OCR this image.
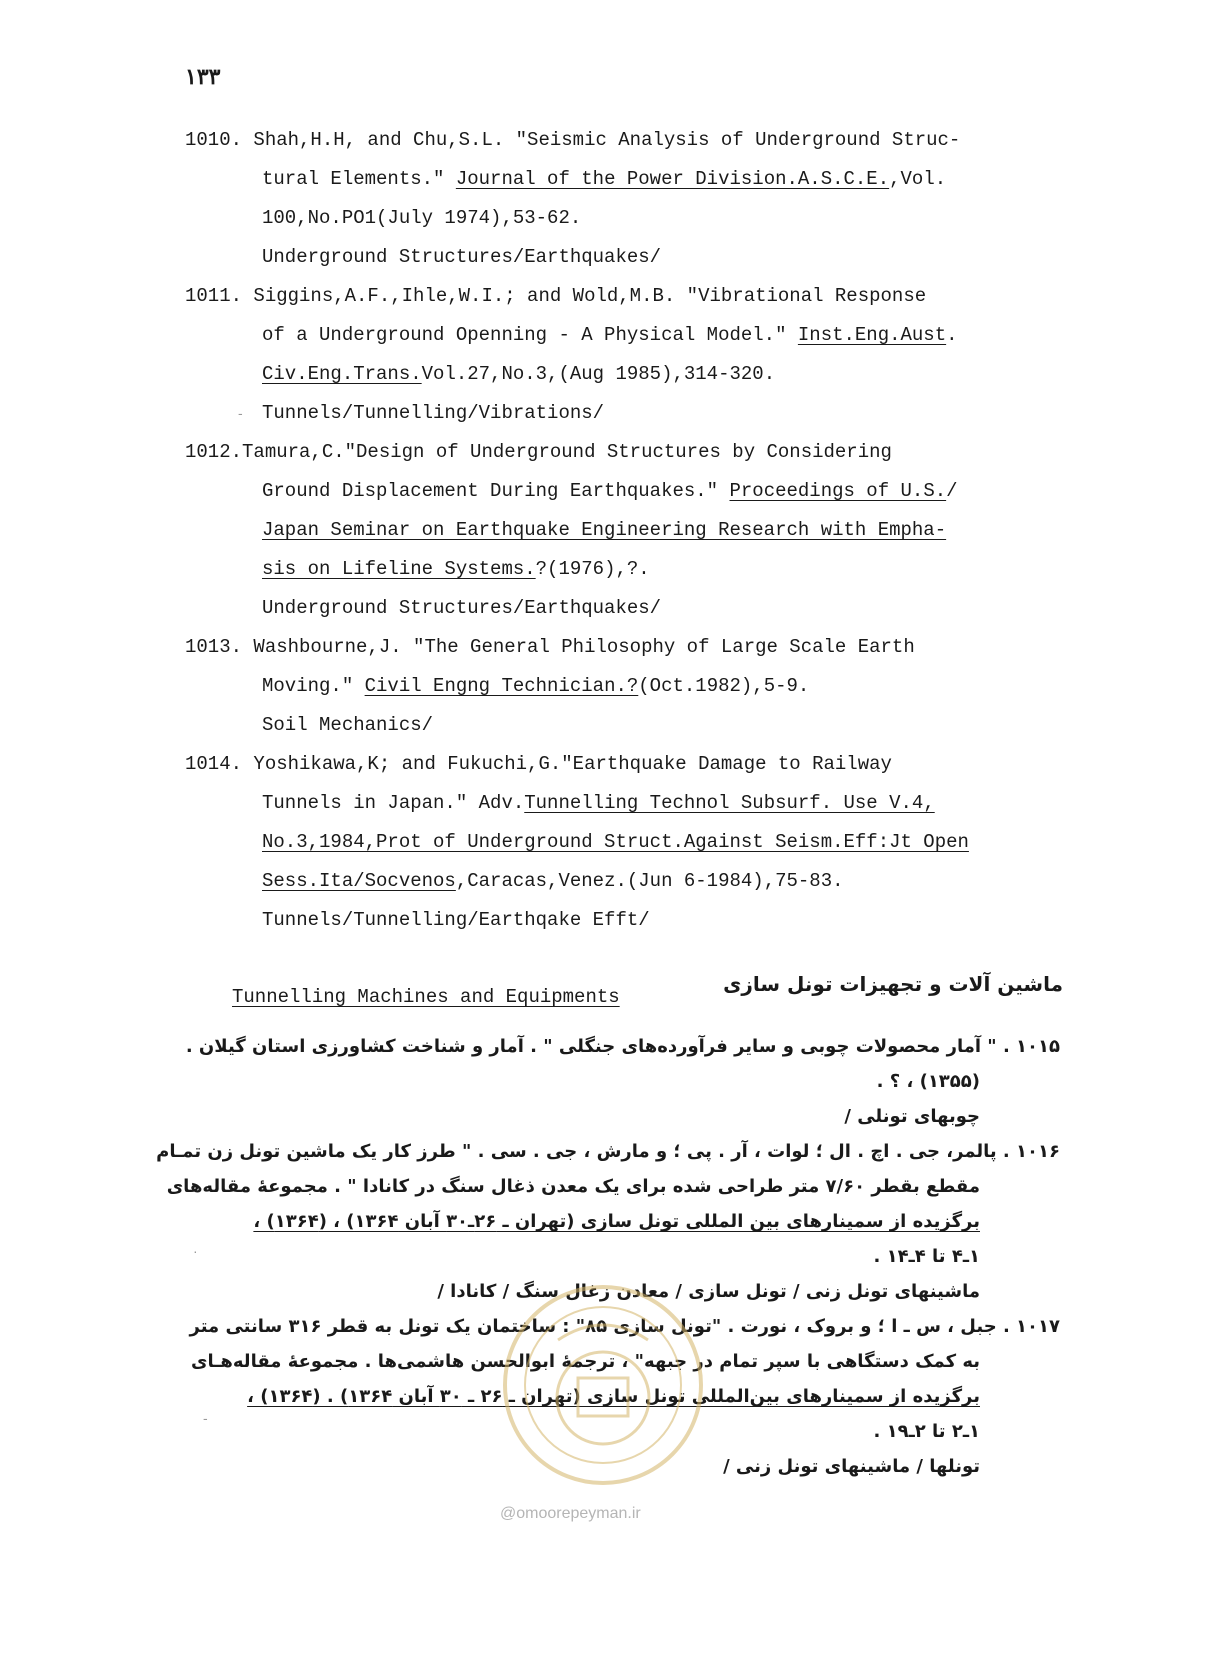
۱۳۳
1010. Shah,H.H, and Chu,S.L. "Seismic Analysis of Underground Struc-
tural Elements." Journal of the Power Division.A.S.C.E.,Vol.
100,No.PO1(July 1974),53-62.
Underground Structures/Earthquakes/
1011. Siggins,A.F.,Ihle,W.I.; and Wold,M.B. "Vibrational Response
of a Underground Openning - A Physical Model." Inst.Eng.Aust.
Civ.Eng.Trans.Vol.27,No.3,(Aug 1985),314-320.
Tunnels/Tunnelling/Vibrations/
1012.Tamura,C."Design of Underground Structures by Considering
Ground Displacement During Earthquakes." Proceedings of U.S./
Japan Seminar on Earthquake Engineering Research with Empha-
sis on Lifeline Systems.?(1976),?.
Underground Structures/Earthquakes/
1013. Washbourne,J. "The General Philosophy of Large Scale Earth
Moving." Civil Engng Technician.?(Oct.1982),5-9.
Soil Mechanics/
1014. Yoshikawa,K; and Fukuchi,G."Earthquake Damage to Railway
Tunnels in Japan." Adv.Tunnelling Technol Subsurf. Use V.4,
No.3,1984,Prot of Underground Struct.Against Seism.Eff:Jt Open
Sess.Ita/Socvenos,Caracas,Venez.(Jun 6-1984),75-83.
Tunnels/Tunnelling/Earthqake Efft/
Tunnelling Machines and Equipments
ماشین آلات و تجهیزات تونل سازی
۱۰۱۵ . " آمار محصولات چوبی و سایر فرآورده‌های جنگلی " . آمار و شناخت کشاورزی استان گیلان .
(۱۳۵۵) ، ؟ .
چوبهای تونلی /
۱۰۱۶ . پالمر، جی . اچ . ال ؛ لوات ، آر . پی ؛ و مارش ، جی . سی . " طرز کار یک ماشین تونل زن تمـام
مقطع بقطر ۷/۶۰ متر طراحی شده برای یک معدن ذغال سنگ در کانادا " . مجموعهٔ مقاله‌های
برگزیده از سمینارهای بین المللی تونل سازی (تهران ـ ۲۶ـ۳۰ آبان ۱۳۶۴) ، (۱۳۶۴) ،
۱ـ۴ تا ۴ـ۱۴ .
ماشینهای تونل زنی / تونل سازی / معادن زغال سنگ / کانادا /
۱۰۱۷ . جبل ، س ـ ا ؛ و بروک ، نورت . "تونل سازی ۸۵" : ساختمان یک تونل به قطر ۳۱۶ سانتی متر
به کمک دستگاهی با سپر تمام در جبهه" ، ترجمهٔ ابوالحسن هاشمی‌ها . مجموعهٔ مقاله‌هـای
برگزیده از سمینارهای بین‌المللی تونل سازی (تهران ـ ۲۶ ـ ۳۰ آبان ۱۳۶۴) . (۱۳۶۴) ،
۱ـ۲ تا ۲ـ۱۹ .
تونلها / ماشینهای تونل زنی /
@omoorepeyman.ir
-
·
-
